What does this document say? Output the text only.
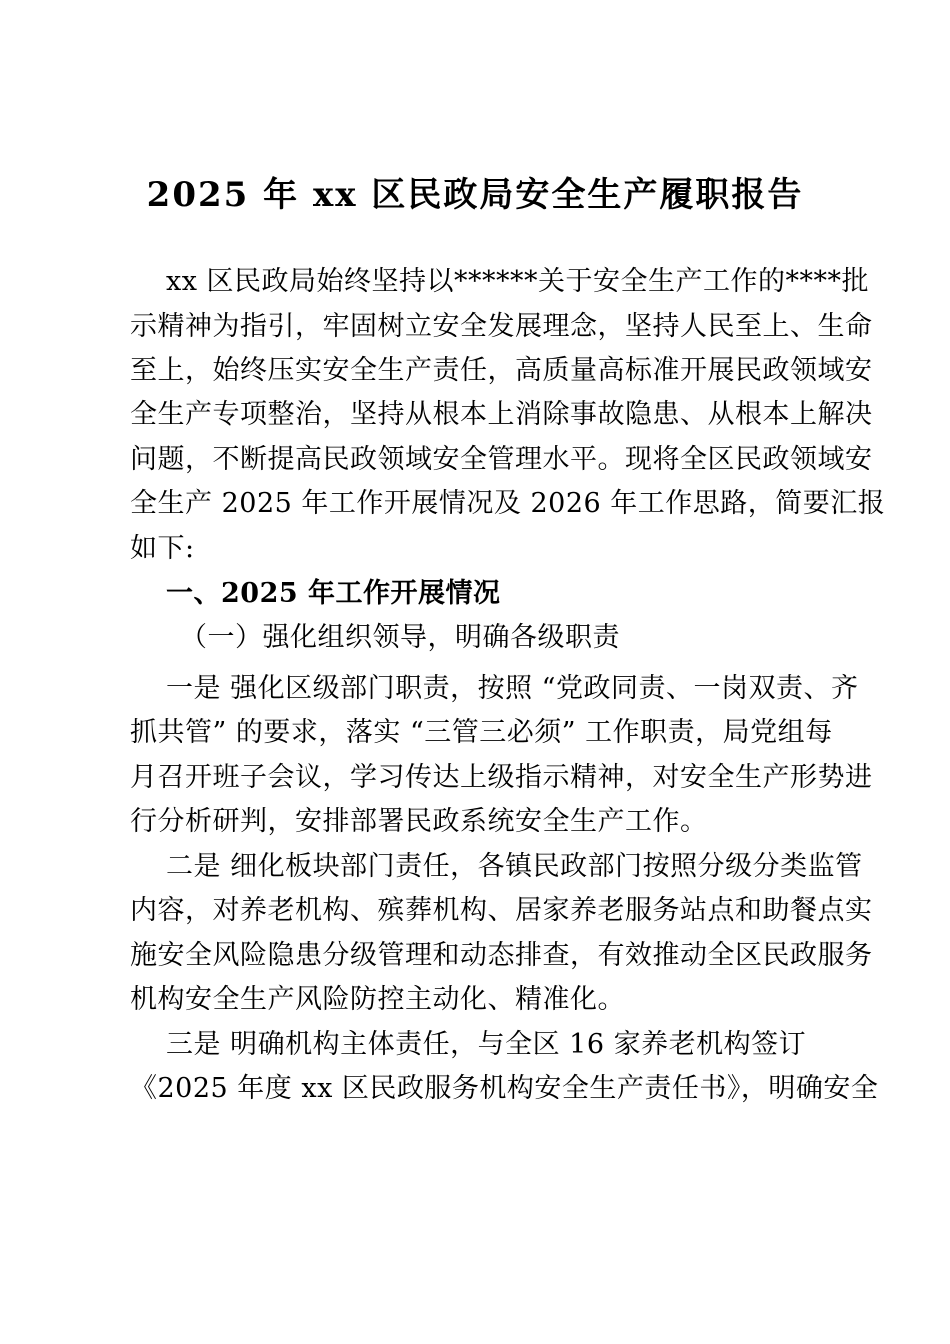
2025 年 xx 区民政局安全生产履职报告
xx 区民政局始终坚持以******关于安全生产工作的****批
示精神为指引，牢固树立安全发展理念，坚持人民至上、生命
至上，始终压实安全生产责任，高质量高标准开展民政领域安
全生产专项整治，坚持从根本上消除事故隐患、从根本上解决
问题，不断提高民政领域安全管理水平。现将全区民政领域安
全生产 2025 年工作开展情况及 2026 年工作思路，简要汇报
如下:
一、2025 年工作开展情况
（一）强化组织领导，明确各级职责
一是 强化区级部门职责，按照 “党政同责、一岗双责、齐
抓共管” 的要求，落实 “三管三必须” 工作职责，局党组每
月召开班子会议，学习传达上级指示精神，对安全生产形势进
行分析研判，安排部署民政系统安全生产工作。
二是 细化板块部门责任，各镇民政部门按照分级分类监管
内容，对养老机构、殡葬机构、居家养老服务站点和助餐点实
施安全风险隐患分级管理和动态排查，有效推动全区民政服务
机构安全生产风险防控主动化、精准化。
三是 明确机构主体责任，与全区 16 家养老机构签订
《2025 年度 xx 区民政服务机构安全生产责任书》，明确安全
